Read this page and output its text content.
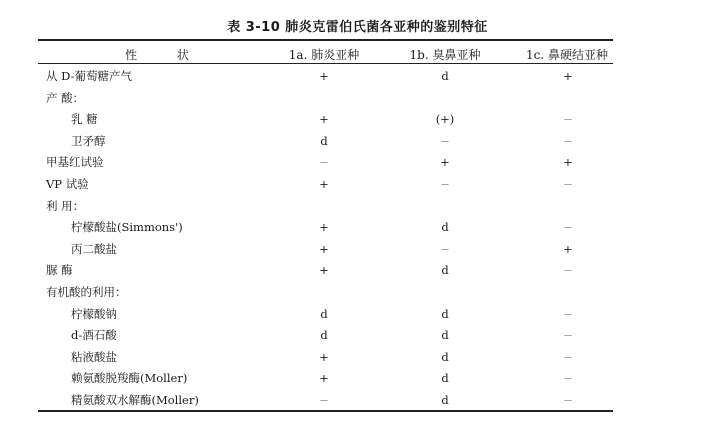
表 3-10 肺炎克雷伯氏菌各亚种的鉴别特征
性 状	1a. 肺炎亚种	1b. 臭鼻亚种	1c. 鼻硬结亚种
从 D-葡萄糖产气	+	d	+
产 酸：
乳 糖	+	(+)	−
卫矛醇	d	−	−
甲基红试验	−	+	+
VP 试验	+	−	−
利 用：
柠檬酸盐(Simmons')	+	d	−
丙二酸盐	+	−	+
脲 酶	+	d	−
有机酸的利用：
柠檬酸钠	d	d	−
d-酒石酸	d	d	−
粘液酸盐	+	d	−
赖氨酸脱羧酶(Moller)	+	d	−
精氨酸双水解酶(Moller)	−	d	−
